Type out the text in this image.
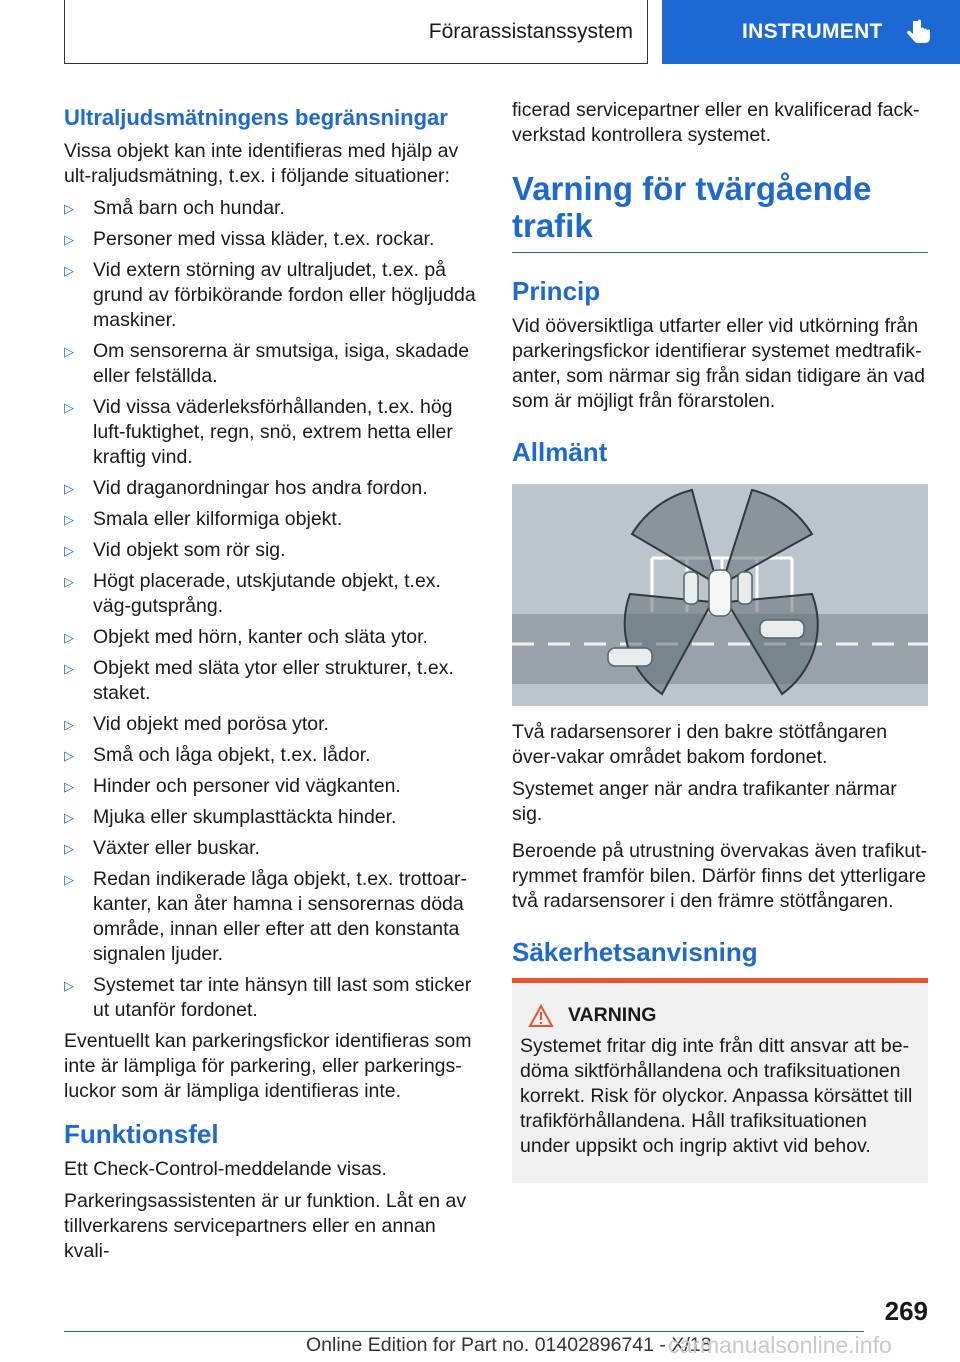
Förarassistanssystem	INSTRUMENT
Ultraljudsmätningens begränsningar

Vissa objekt kan inte identifieras med hjälp av ult-raljudsmätning, t.ex. i följande situationer:

▷ Små barn och hundar.
▷ Personer med vissa kläder, t.ex. rockar.
▷ Vid extern störning av ultraljudet, t.ex. på grund av förbikörande fordon eller högljudda maskiner.
▷ Om sensorerna är smutsiga, isiga, skadade eller felställda.
▷ Vid vissa väderleksförhållanden, t.ex. hög luft-fuktighet, regn, snö, extrem hetta eller kraftig vind.
▷ Vid draganordningar hos andra fordon.
▷ Smala eller kilformiga objekt.
▷ Vid objekt som rör sig.
▷ Högt placerade, utskjutande objekt, t.ex. väg-gutsprång.
▷ Objekt med hörn, kanter och släta ytor.
▷ Objekt med släta ytor eller strukturer, t.ex. staket.
▷ Vid objekt med porösa ytor.
▷ Små och låga objekt, t.ex. lådor.
▷ Hinder och personer vid vägkanten.
▷ Mjuka eller skumplasttäckta hinder.
▷ Växter eller buskar.
▷ Redan indikerade låga objekt, t.ex. trottoar-kanter, kan åter hamna i sensorernas döda område, innan eller efter att den konstanta signalen ljuder.
▷ Systemet tar inte hänsyn till last som sticker ut utanför fordonet.

Eventuellt kan parkeringsfickor identifieras som inte är lämpliga för parkering, eller parkerings-luckor som är lämpliga identifieras inte.

Funktionsfel

Ett Check-Control-meddelande visas.

Parkeringsassistenten är ur funktion. Låt en av tillverkarens servicepartners eller en annan kvali-

ficerad servicepartner eller en kvalificerad fack-verkstad kontrollera systemet.

Varning för tvärgående
trafik
Princip

Vid ööversiktliga utfarter eller vid utkörning från parkeringsfickor identifierar systemet medtrafik-anter, som närmar sig från sidan tidigare än vad som är möjligt från förarstolen.

Allmänt

Två radarsensorer i den bakre stötfångaren över-vakar området bakom fordonet.

Systemet anger när andra trafikanter närmar sig.

Beroende på utrustning övervakas även trafikut-rymmet framför bilen. Därför finns det ytterligare två radarsensorer i den främre stötfångaren.

Säkerhetsanvisning
VARNING

Systemet fritar dig inte från ditt ansvar att be-döma siktförhållandena och trafiksituationen korrekt. Risk för olyckor. Anpassa körsättet till trafikförhållandena. Håll trafiksituationen under uppsikt och ingrip aktivt vid behov.

269
Online Edition for Part no. 01402896741 - X/18
carmanualsonline.info
